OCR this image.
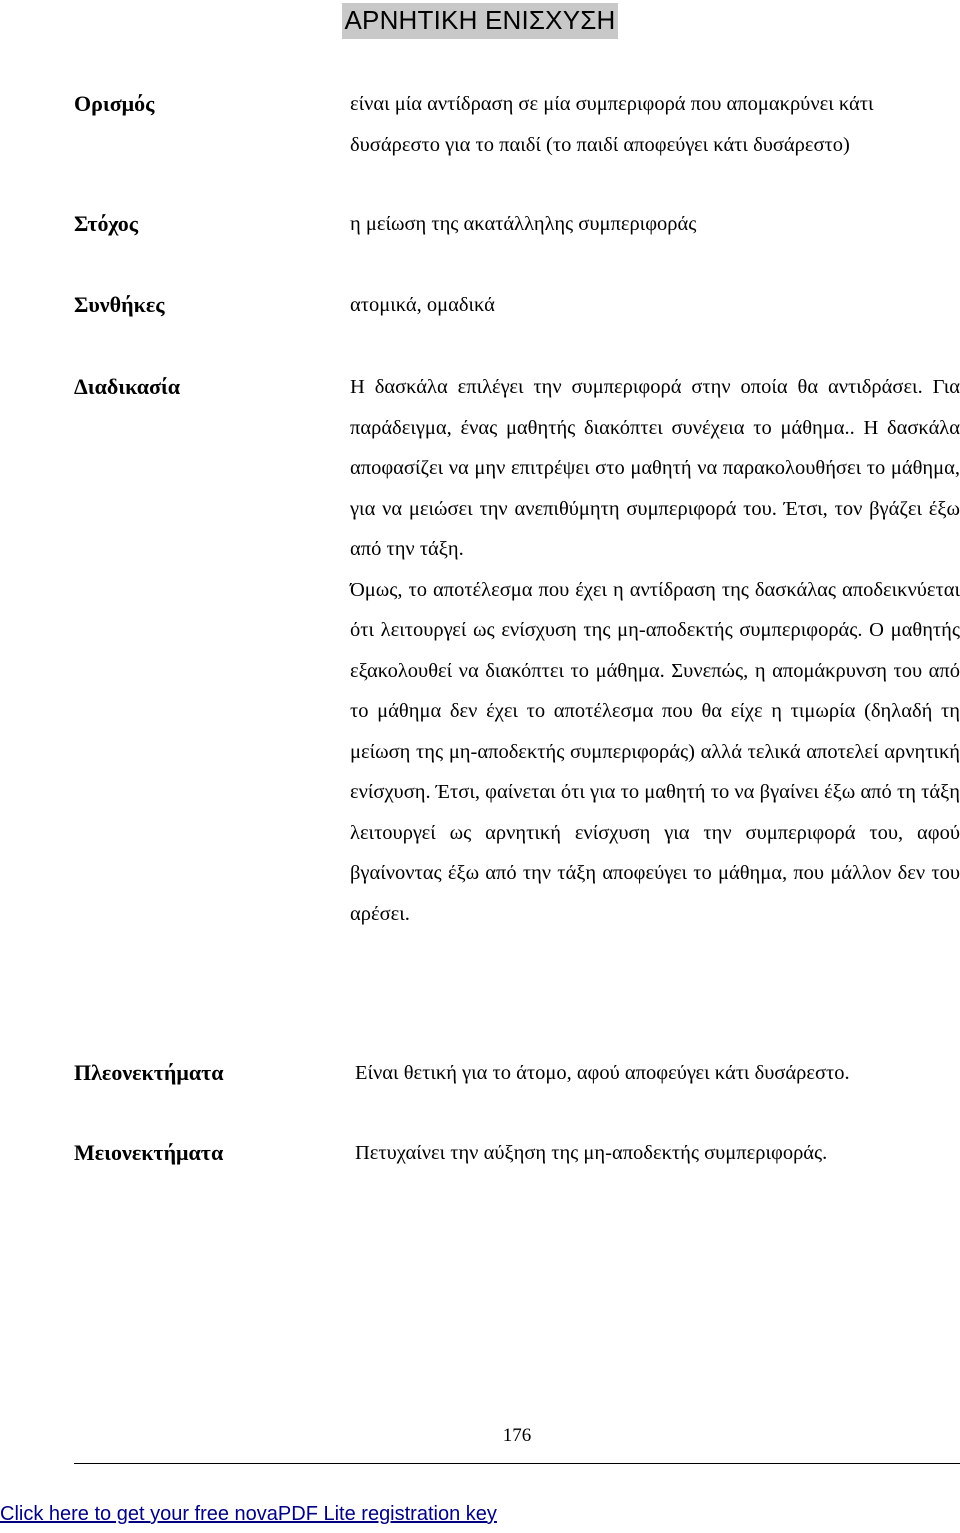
ΑΡΝΗΤΙΚΗ ΕΝΙΣΧΥΣΗ
Ορισμός	είναι μία αντίδραση σε μία συμπεριφορά που απομακρύνει κάτι δυσάρεστο για το παιδί (το παιδί αποφεύγει κάτι δυσάρεστο)
Στόχος	η μείωση της ακατάλληλης συμπεριφοράς
Συνθήκες	ατομικά, ομαδικά
Διαδικασία	Η δασκάλα επιλέγει την συμπεριφορά στην οποία θα αντιδράσει. Για παράδειγμα, ένας μαθητής διακόπτει συνέχεια το μάθημα.. Η δασκάλα αποφασίζει να μην επιτρέψει στο μαθητή να παρακολουθήσει το μάθημα, για να μειώσει την ανεπιθύμητη συμπεριφορά του. Έτσι, τον βγάζει έξω από την τάξη.

Όμως, το αποτέλεσμα που έχει η αντίδραση της δασκάλας αποδεικνύεται ότι λειτουργεί ως ενίσχυση της μη-αποδεκτής συμπεριφοράς. Ο μαθητής εξακολουθεί να διακόπτει το μάθημα. Συνεπώς, η απομάκρυνση του από το μάθημα δεν έχει το αποτέλεσμα που θα είχε η τιμωρία (δηλαδή τη μείωση της μη-αποδεκτής συμπεριφοράς) αλλά τελικά αποτελεί αρνητική ενίσχυση. Έτσι, φαίνεται ότι για το μαθητή το να βγαίνει έξω από τη τάξη λειτουργεί ως αρνητική ενίσχυση για την συμπεριφορά του, αφού βγαίνοντας έξω από την τάξη αποφεύγει το μάθημα, που μάλλον δεν του αρέσει.

Πλεονεκτήματα	Είναι θετική για το άτομο, αφού αποφεύγει κάτι δυσάρεστο.
Μειονεκτήματα	Πετυχαίνει την αύξηση της μη-αποδεκτής συμπεριφοράς.
176
Click here to get your free novaPDF Lite registration key
